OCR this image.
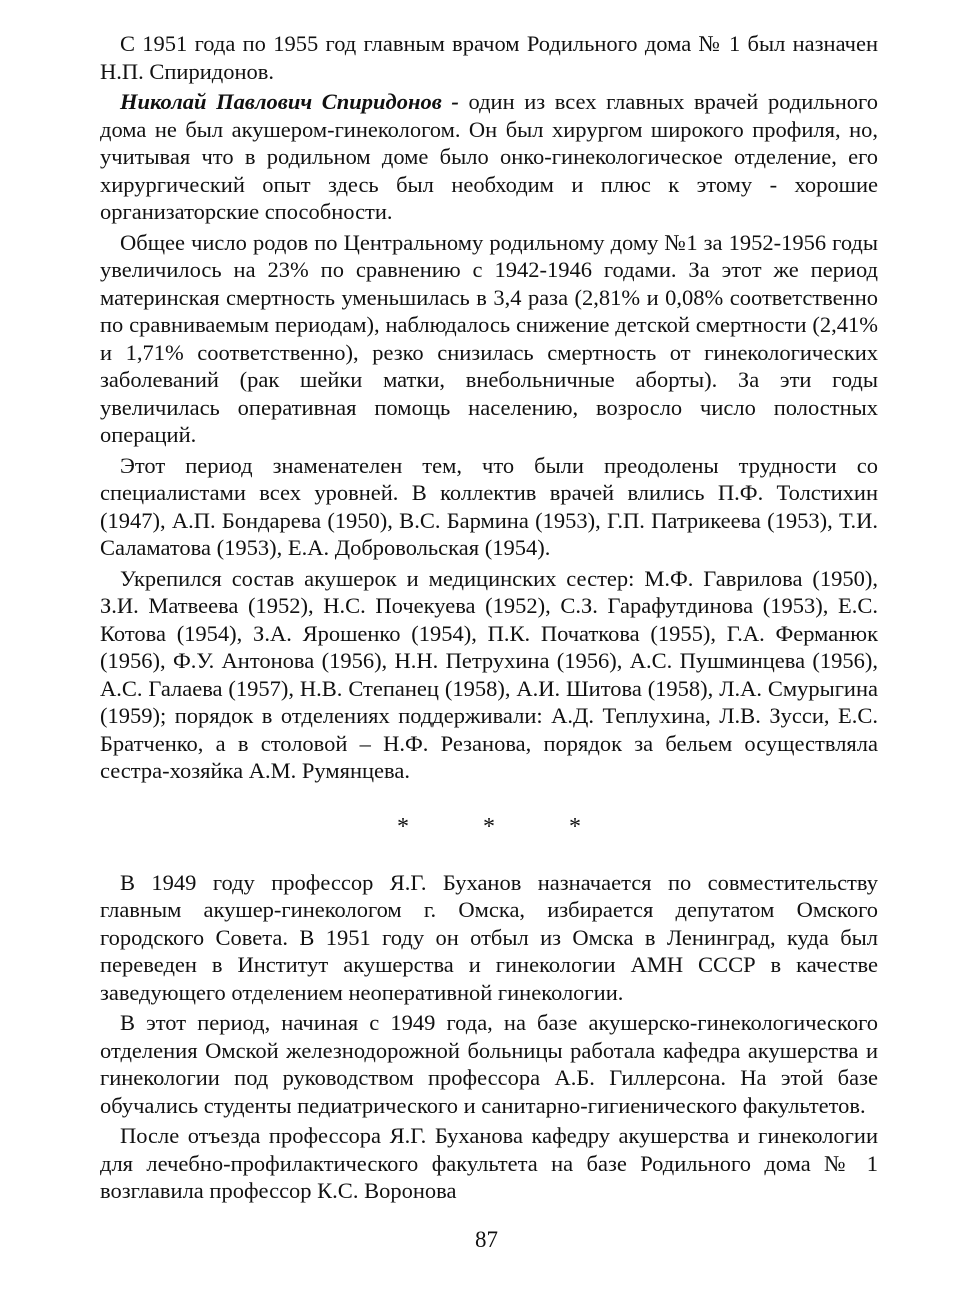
С 1951 года по 1955 год главным врачом Родильного дома № 1 был назначен Н.П. Спиридонов.

Николай Павлович Спиридонов - один из всех главных врачей родильного дома не был акушером-гинекологом. Он был хирургом широкого профиля, но, учитывая что в родильном доме было онко-гинекологическое отделение, его хирургический опыт здесь был необходим и плюс к этому - хорошие организаторские способности.

Общее число родов по Центральному родильному дому №1 за 1952-1956 годы увеличилось на 23% по сравнению с 1942-1946 годами. За этот же период материнская смертность уменьшилась в 3,4 раза (2,81% и 0,08% соответственно по сравниваемым периодам), наблюдалось снижение детской смертности (2,41% и 1,71% соответственно), резко снизилась смертность от гинекологических заболеваний (рак шейки матки, внебольничные аборты). За эти годы увеличилась оперативная помощь населению, возросло число полостных операций.

Этот период знаменателен тем, что были преодолены трудности со специалистами всех уровней. В коллектив врачей влились П.Ф. Толстихин (1947), А.П. Бондарева (1950), В.С. Бармина (1953), Г.П. Патрикеева (1953), Т.И. Саламатова (1953), Е.А. Добровольская (1954).

Укрепился состав акушерок и медицинских сестер: М.Ф. Гаврилова (1950), З.И. Матвеева (1952), Н.С. Почекуева (1952), С.З. Гарафутдинова (1953), Е.С. Котова (1954), З.А. Ярошенко (1954), П.К. Початкова (1955), Г.А. Ферманюк (1956), Ф.У. Антонова (1956), Н.Н. Петрухина (1956), А.С. Пушминцева (1956), А.С. Галаева (1957), Н.В. Степанец (1958), А.И. Шитова (1958), Л.А. Смурыгина (1959); порядок в отделениях поддерживали: А.Д. Теплухина, Л.В. Зусси, Е.С. Братченко, а в столовой – Н.Ф. Резанова, порядок за бельем осуществляла сестра-хозяйка А.М. Румянцева.

* * *

В 1949 году профессор Я.Г. Буханов назначается по совместительству главным акушер-гинекологом г. Омска, избирается депутатом Омского городского Совета. В 1951 году он отбыл из Омска в Ленинград, куда был переведен в Институт акушерства и гинекологии АМН СССР в качестве заведующего отделением неоперативной гинекологии.

В этот период, начиная с 1949 года, на базе акушерско-гинекологического отделения Омской железнодорожной больницы работала кафедра акушерства и гинекологии под руководством профессора А.Б. Гиллерсона. На этой базе обучались студенты педиатрического и санитарно-гигиенического факультетов.

После отъезда профессора Я.Г. Буханова кафедру акушерства и гинекологии для лечебно-профилактического факультета на базе Родильного дома № 1 возглавила профессор К.С. Воронова

87
